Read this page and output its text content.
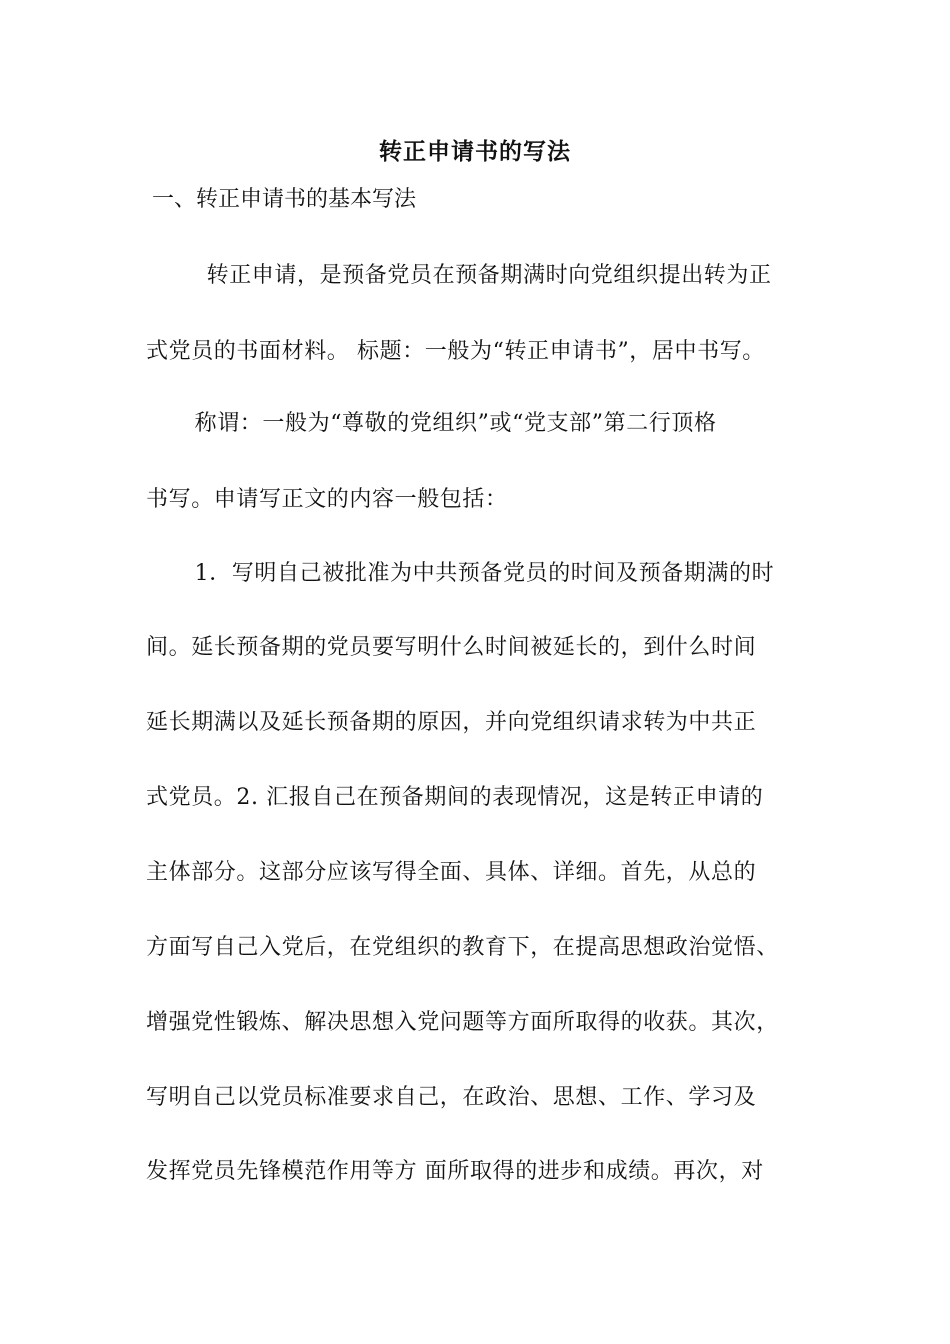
转正申请书的写法
一、转正申请书的基本写法
　转正申请，是预备党员在预备期满时向党组织提出转为正
式党员的书面材料。 标题：一般为“转正申请书”，居中书写。
　称谓：一般为“尊敬的党组织”或“党支部”第二行顶格
书写。申请写正文的内容一般包括：
　1．写明自己被批准为中共预备党员的时间及预备期满的时
间。延长预备期的党员要写明什么时间被延长的，到什么时间
延长期满以及延长预备期的原因，并向党组织请求转为中共正
式党员。2. 汇报自己在预备期间的表现情况，这是转正申请的
主体部分。这部分应该写得全面、具体、详细。首先，从总的
方面写自己入党后，在党组织的教育下，在提高思想政治觉悟、
增强党性锻炼、解决思想入党问题等方面所取得的收获。其次，
写明自己以党员标准要求自己，在政治、思想、工作、学习及
发挥党员先锋模范作用等方 面所取得的进步和成绩。再次，对
